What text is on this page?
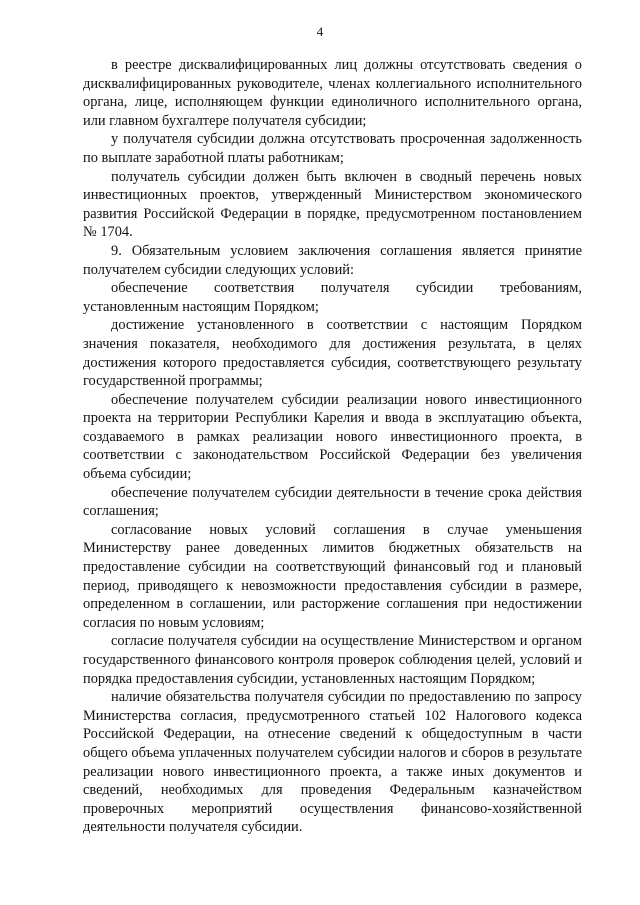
4

в реестре дисквалифицированных лиц должны отсутствовать сведения о дисквалифицированных руководителе, членах коллегиального исполнительного органа, лице, исполняющем функции единоличного исполнительного органа, или главном бухгалтере получателя субсидии;

у получателя субсидии должна отсутствовать просроченная задолженность по выплате заработной платы работникам;

получатель субсидии должен быть включен в сводный перечень новых инвестиционных проектов, утвержденный Министерством экономического развития Российской Федерации в порядке, предусмотренном постановлением № 1704.

9. Обязательным условием заключения соглашения является принятие получателем субсидии следующих условий:

обеспечение соответствия получателя субсидии требованиям, установленным настоящим Порядком;

достижение установленного в соответствии с настоящим Порядком значения показателя, необходимого для достижения результата, в целях достижения которого предоставляется субсидия, соответствующего результату государственной программы;

обеспечение получателем субсидии реализации нового инвестиционного проекта на территории Республики Карелия и ввода в эксплуатацию объекта, создаваемого в рамках реализации нового инвестиционного проекта, в соответствии с законодательством Российской Федерации без увеличения объема субсидии;

обеспечение получателем субсидии деятельности в течение срока действия соглашения;

согласование новых условий соглашения в случае уменьшения Министерству ранее доведенных лимитов бюджетных обязательств на предоставление субсидии на соответствующий финансовый год и плановый период, приводящего к невозможности предоставления субсидии в размере, определенном в соглашении, или расторжение соглашения при недостижении согласия по новым условиям;

согласие получателя субсидии на осуществление Министерством и органом государственного финансового контроля проверок соблюдения целей, условий и порядка предоставления субсидии, установленных настоящим Порядком;

наличие обязательства получателя субсидии по предоставлению по запросу Министерства согласия, предусмотренного статьей 102 Налогового кодекса Российской Федерации, на отнесение сведений к общедоступным в части общего объема уплаченных получателем субсидии налогов и сборов в результате реализации нового инвестиционного проекта, а также иных документов и сведений, необходимых для проведения Федеральным казначейством проверочных мероприятий осуществления финансово-хозяйственной деятельности получателя субсидии.
